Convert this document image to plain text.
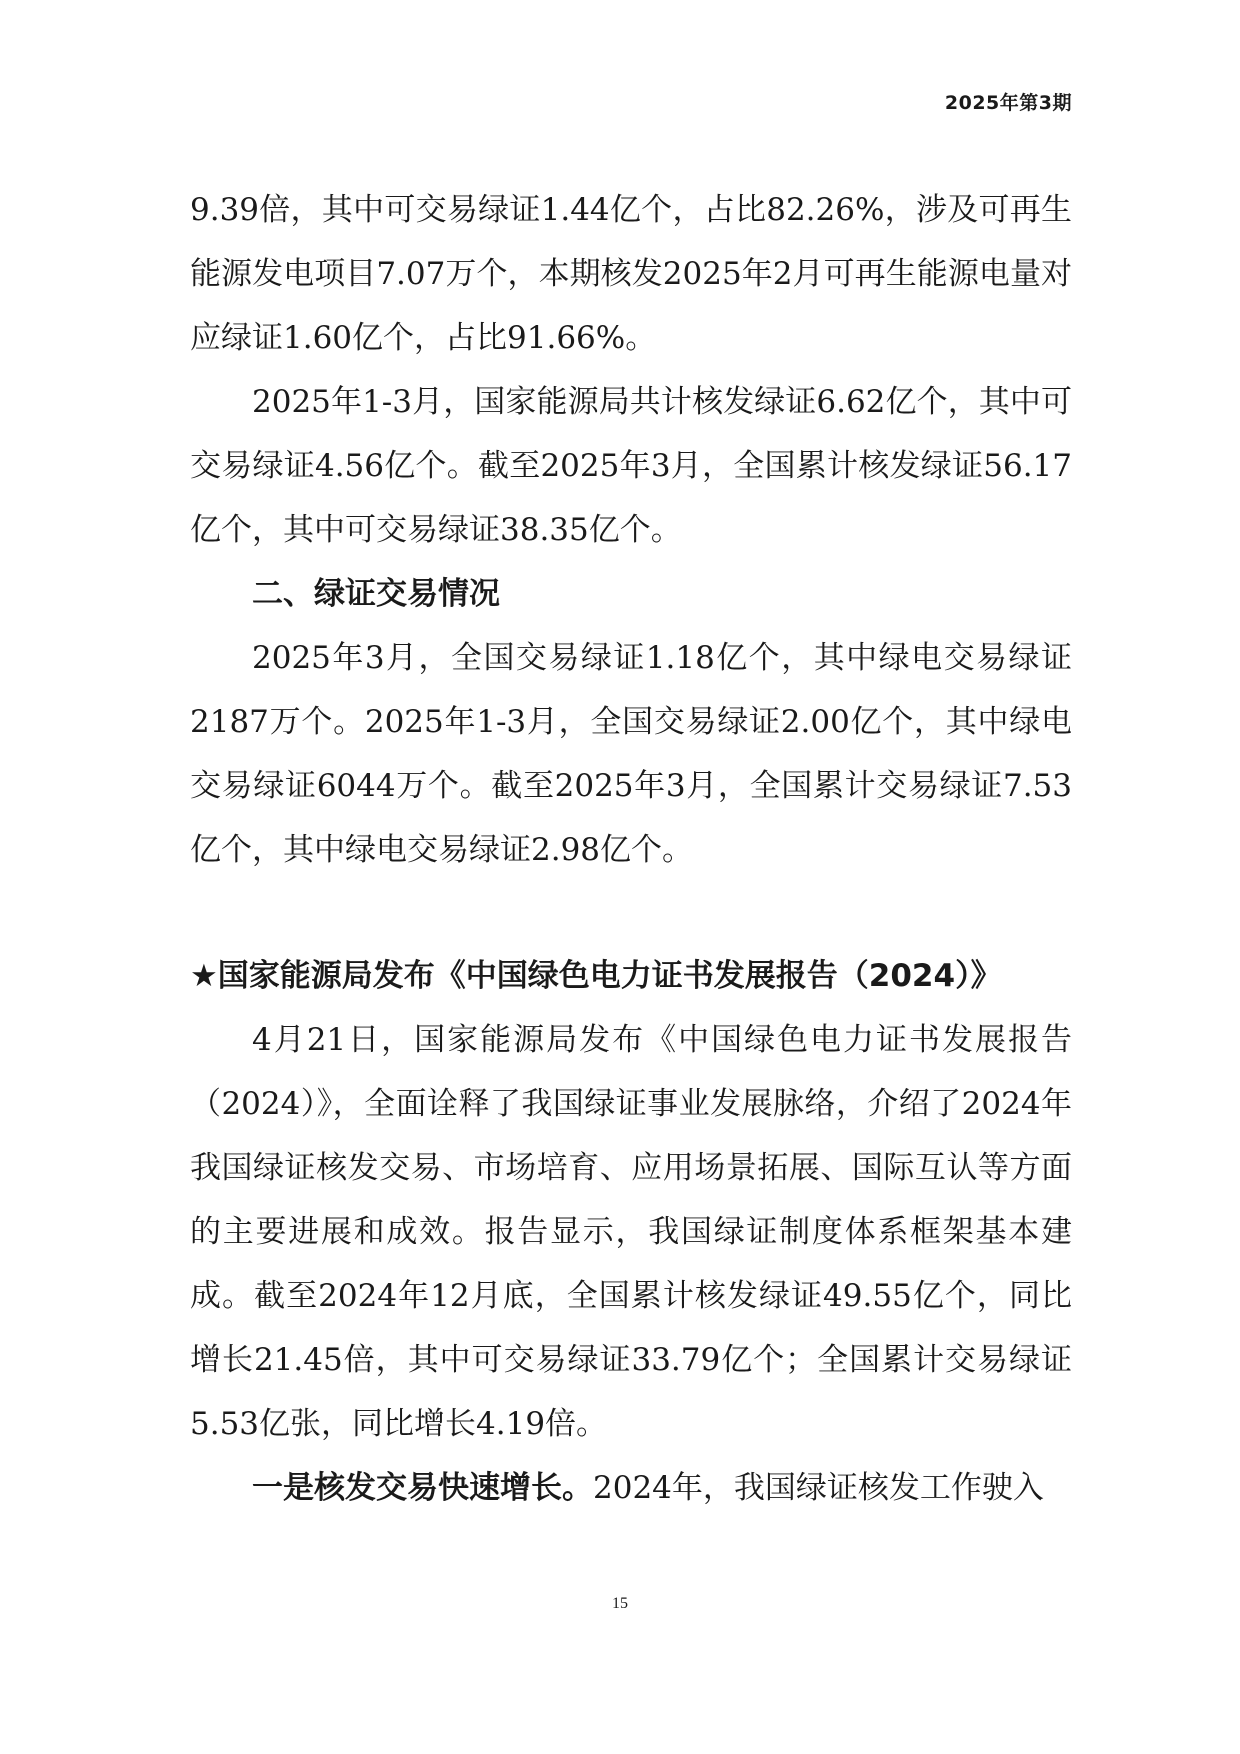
2025年第3期

9.39倍，其中可交易绿证1.44亿个，占比82.26%，涉及可再生能源发电项目7.07万个，本期核发2025年2月可再生能源电量对应绿证1.60亿个，占比91.66%。

2025年1-3月，国家能源局共计核发绿证6.62亿个，其中可交易绿证4.56亿个。截至2025年3月，全国累计核发绿证56.17亿个，其中可交易绿证38.35亿个。

二、绿证交易情况

2025年3月，全国交易绿证1.18亿个，其中绿电交易绿证2187万个。2025年1-3月，全国交易绿证2.00亿个，其中绿电交易绿证6044万个。截至2025年3月，全国累计交易绿证7.53亿个，其中绿电交易绿证2.98亿个。

★国家能源局发布《中国绿色电力证书发展报告（2024）》

4月21日，国家能源局发布《中国绿色电力证书发展报告（2024）》，全面诠释了我国绿证事业发展脉络，介绍了2024年我国绿证核发交易、市场培育、应用场景拓展、国际互认等方面的主要进展和成效。报告显示，我国绿证制度体系框架基本建成。截至2024年12月底，全国累计核发绿证49.55亿个，同比增长21.45倍，其中可交易绿证33.79亿个；全国累计交易绿证5.53亿张，同比增长4.19倍。

一是核发交易快速增长。2024年，我国绿证核发工作驶入

15
